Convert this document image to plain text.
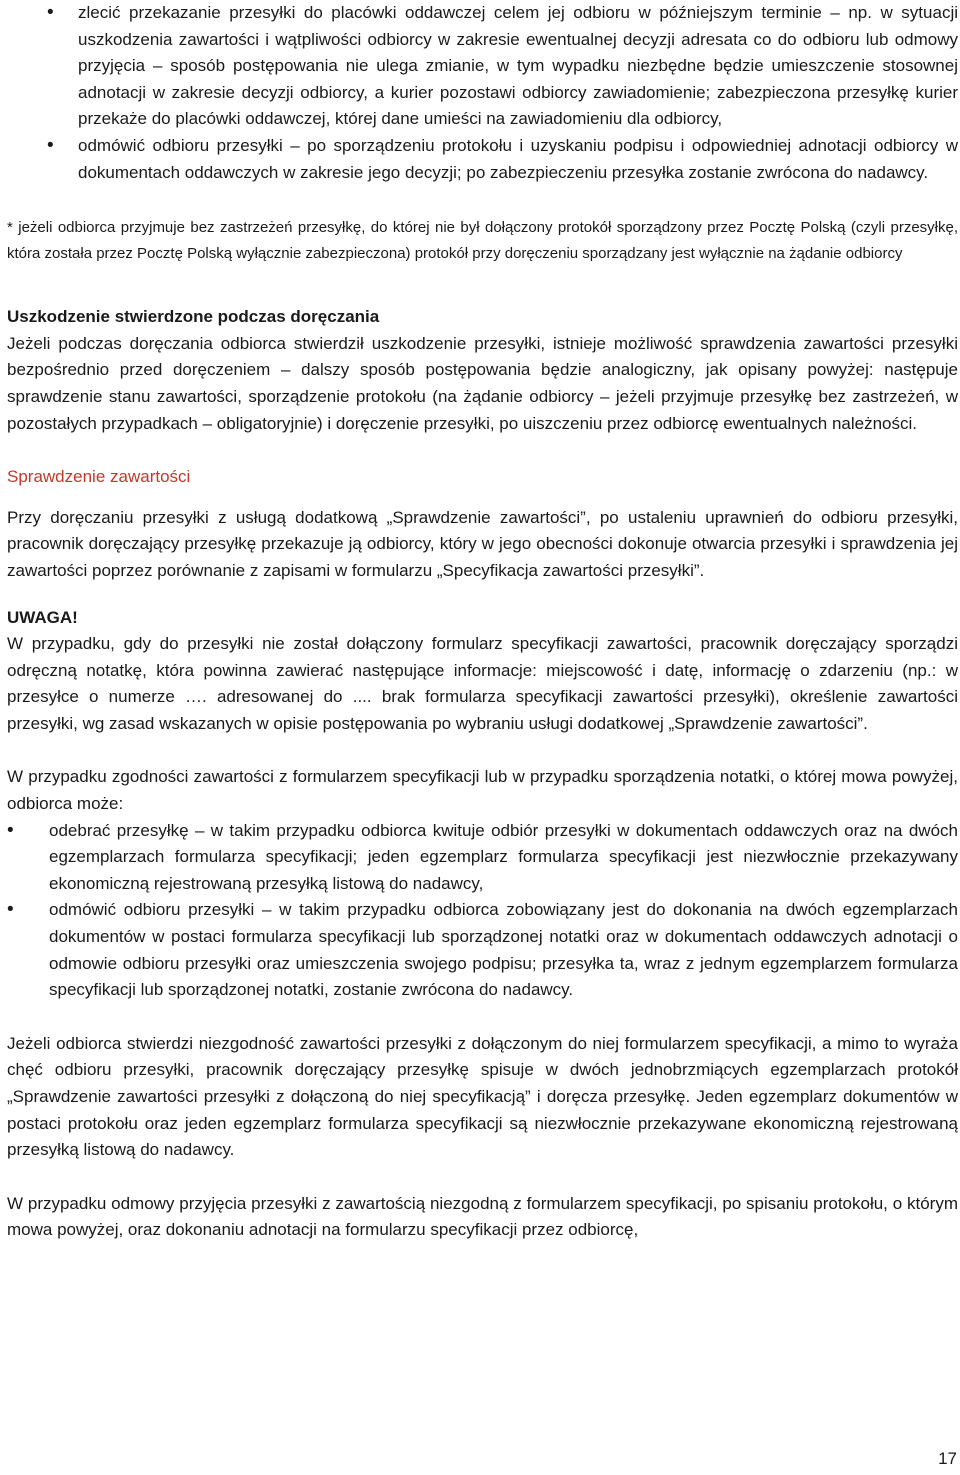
• zlecić przekazanie przesyłki do placówki oddawczej celem jej odbioru w późniejszym terminie – np. w sytuacji uszkodzenia zawartości i wątpliwości odbiorcy w zakresie ewentualnej decyzji adresata co do odbioru lub odmowy przyjęcia – sposób postępowania nie ulega zmianie, w tym wypadku niezbędne będzie umieszczenie stosownej adnotacji w zakresie decyzji odbiorcy, a kurier pozostawi odbiorcy zawiadomienie; zabezpieczona przesyłkę kurier przekaże do placówki oddawczej, której dane umieści na zawiadomieniu dla odbiorcy,
• odmówić odbioru przesyłki – po sporządzeniu protokołu i uzyskaniu podpisu i odpowiedniej adnotacji odbiorcy w dokumentach oddawczych w zakresie jego decyzji; po zabezpieczeniu przesyłka zostanie zwrócona do nadawcy.

* jeżeli odbiorca przyjmuje bez zastrzeżeń przesyłkę, do której nie był dołączony protokół sporządzony przez Pocztę Polską (czyli przesyłkę, która została przez Pocztę Polską wyłącznie zabezpieczona) protokół przy doręczeniu sporządzany jest wyłącznie na żądanie odbiorcy

Uszkodzenie stwierdzone podczas doręczania

Jeżeli podczas doręczania odbiorca stwierdził uszkodzenie przesyłki, istnieje możliwość sprawdzenia zawartości przesyłki bezpośrednio przed doręczeniem – dalszy sposób postępowania będzie analogiczny, jak opisany powyżej: następuje sprawdzenie stanu zawartości, sporządzenie protokołu (na żądanie odbiorcy – jeżeli przyjmuje przesyłkę bez zastrzeżeń, w pozostałych przypadkach – obligatoryjnie) i doręczenie przesyłki, po uiszczeniu przez odbiorcę ewentualnych należności.

Sprawdzenie zawartości

Przy doręczaniu przesyłki z usługą dodatkową „Sprawdzenie zawartości”, po ustaleniu uprawnień do odbioru przesyłki, pracownik doręczający przesyłkę przekazuje ją odbiorcy, który w jego obecności dokonuje otwarcia przesyłki i sprawdzenia jej zawartości poprzez porównanie z zapisami w formularzu „Specyfikacja zawartości przesyłki”.

UWAGA!

W przypadku, gdy do przesyłki nie został dołączony formularz specyfikacji zawartości, pracownik doręczający sporządzi odręczną notatkę, która powinna zawierać następujące informacje: miejscowość i datę, informację o zdarzeniu (np.: w przesyłce o numerze …. adresowanej do .... brak formularza specyfikacji zawartości przesyłki), określenie zawartości przesyłki, wg zasad wskazanych w opisie postępowania po wybraniu usługi dodatkowej „Sprawdzenie zawartości”.

W przypadku zgodności zawartości z formularzem specyfikacji lub w przypadku sporządzenia notatki, o której mowa powyżej, odbiorca może:

• odebrać przesyłkę – w takim przypadku odbiorca kwituje odbiór przesyłki w dokumentach oddawczych oraz na dwóch egzemplarzach formularza specyfikacji; jeden egzemplarz formularza specyfikacji jest niezwłocznie przekazywany ekonomiczną rejestrowaną przesyłką listową do nadawcy,
• odmówić odbioru przesyłki – w takim przypadku odbiorca zobowiązany jest do dokonania na dwóch egzemplarzach dokumentów w postaci formularza specyfikacji lub sporządzonej notatki oraz w dokumentach oddawczych adnotacji o odmowie odbioru przesyłki oraz umieszczenia swojego podpisu; przesyłka ta, wraz z jednym egzemplarzem formularza specyfikacji lub sporządzonej notatki, zostanie zwrócona do nadawcy.

Jeżeli odbiorca stwierdzi niezgodność zawartości przesyłki z dołączonym do niej formularzem specyfikacji, a mimo to wyraża chęć odbioru przesyłki, pracownik doręczający przesyłkę spisuje w dwóch jednobrzmiących egzemplarzach protokół „Sprawdzenie zawartości przesyłki z dołączoną do niej specyfikacją” i doręcza przesyłkę. Jeden egzemplarz dokumentów w postaci protokołu oraz jeden egzemplarz formularza specyfikacji są niezwłocznie przekazywane ekonomiczną rejestrowaną przesyłką listową do nadawcy.

W przypadku odmowy przyjęcia przesyłki z zawartością niezgodną z formularzem specyfikacji, po spisaniu protokołu, o którym mowa powyżej, oraz dokonaniu adnotacji na formularzu specyfikacji przez odbiorcę,

17
